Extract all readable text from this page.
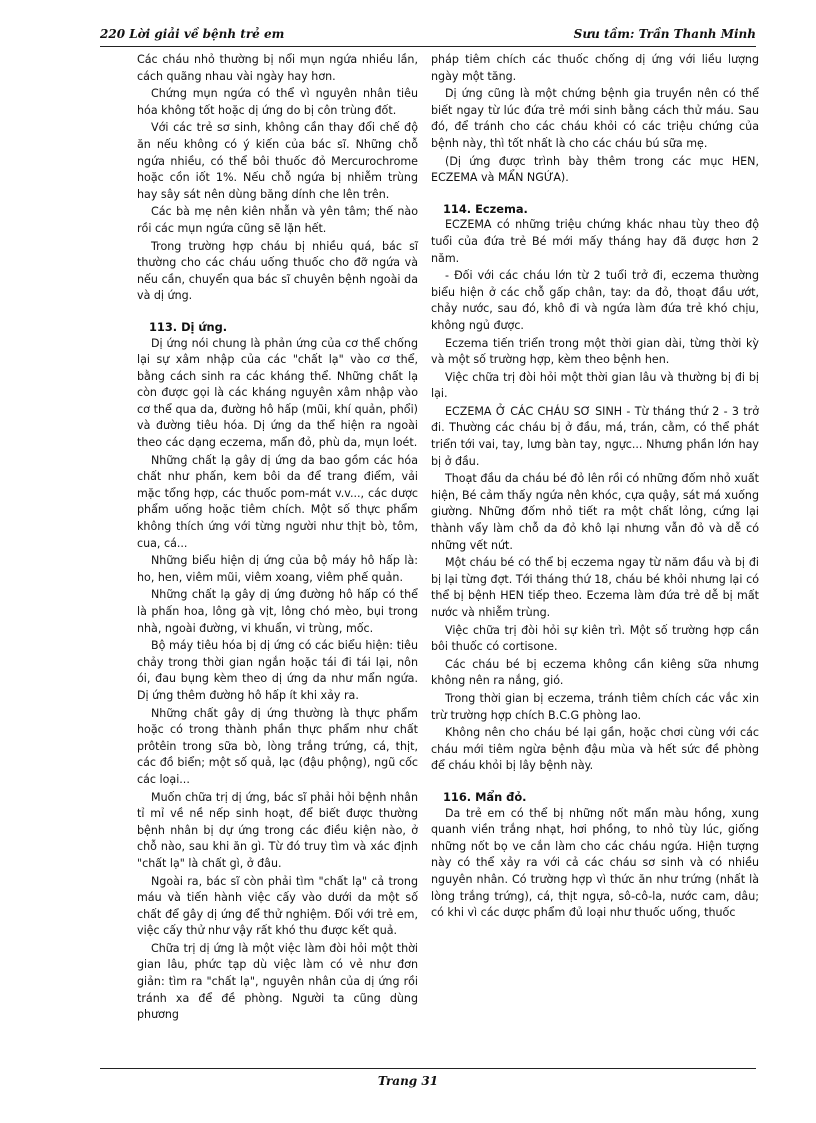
220 Lời giải về bệnh trẻ em	Sưu tầm: Trần Thanh Minh

Các cháu nhỏ thường bị nổi mụn ngứa nhiều lần, cách quãng nhau vài ngày hay hơn.

Chứng mụn ngứa có thể vì nguyên nhân tiêu hóa không tốt hoặc dị ứng do bị côn trùng đốt.

Với các trẻ sơ sinh, không cần thay đổi chế độ ăn nếu không có ý kiến của bác sĩ. Những chỗ ngứa nhiều, có thể bôi thuốc đỏ Mercurochrome hoặc cồn iốt 1%. Nếu chỗ ngứa bị nhiễm trùng hay sây sát nên dùng băng dính che lên trên.

Các bà mẹ nên kiên nhẫn và yên tâm; thế nào rồi các mụn ngứa cũng sẽ lặn hết.

Trong trường hợp cháu bị nhiều quá, bác sĩ thường cho các cháu uống thuốc cho đỡ ngứa và nếu cần, chuyển qua bác sĩ chuyên bệnh ngoài da và dị ứng.

113. Dị ứng.

Dị ứng nói chung là phản ứng của cơ thể chống lại sự xâm nhập của các "chất lạ" vào cơ thể, bằng cách sinh ra các kháng thể. Những chất lạ còn được gọi là các kháng nguyên xâm nhập vào cơ thể qua da, đường hô hấp (mũi, khí quản, phổi) và đường tiêu hóa. Dị ứng da thể hiện ra ngoài theo các dạng eczema, mẩn đỏ, phù da, mụn loét.

Những chất lạ gây dị ứng da bao gồm các hóa chất như phấn, kem bôi da để trang điểm, vải mặc tổng hợp, các thuốc pom-mát v.v..., các dược phẩm uống hoặc tiêm chích. Một số thực phẩm không thích ứng với từng người như thịt bò, tôm, cua, cá...

Những biểu hiện dị ứng của bộ máy hô hấp là: ho, hen, viêm mũi, viêm xoang, viêm phế quản.

Những chất lạ gây dị ứng đường hô hấp có thể là phấn hoa, lông gà vịt, lông chó mèo, bụi trong nhà, ngoài đường, vi khuẩn, vi trùng, mốc.

Bộ máy tiêu hóa bị dị ứng có các biểu hiện: tiêu chảy trong thời gian ngắn hoặc tái đi tái lại, nôn ói, đau bụng kèm theo dị ứng da như mẩn ngứa. Dị ứng thêm đường hô hấp ít khi xảy ra.

Những chất gây dị ứng thường là thực phẩm hoặc có trong thành phần thực phẩm như chất prôtêin trong sữa bò, lòng trắng trứng, cá, thịt, các đồ biển; một số quả, lạc (đậu phộng), ngũ cốc các loại...

Muốn chữa trị dị ứng, bác sĩ phải hỏi bệnh nhân tỉ mỉ về nề nếp sinh hoạt, để biết được thường bệnh nhân bị dự ứng trong các điều kiện nào, ở chỗ nào, sau khi ăn gì. Từ đó truy tìm và xác định "chất lạ" là chất gì, ở đâu.

Ngoài ra, bác sĩ còn phải tìm "chất lạ" cả trong máu và tiến hành việc cấy vào dưới da một số chất để gây dị ứng để thử nghiệm. Đối với trẻ em, việc cấy thử như vậy rất khó thu được kết quả.

Chữa trị dị ứng là một việc làm đòi hỏi một thời gian lâu, phức tạp dù việc làm có vẻ như đơn giản: tìm ra "chất lạ", nguyên nhân của dị ứng rồi tránh xa để đề phòng. Người ta cũng dùng phương

pháp tiêm chích các thuốc chống dị ứng với liều lượng ngày một tăng.

Dị ứng cũng là một chứng bệnh gia truyền nên có thể biết ngay từ lúc đứa trẻ mới sinh bằng cách thử máu. Sau đó, để tránh cho các cháu khỏi có các triệu chứng của bệnh này, thì tốt nhất là cho các cháu bú sữa mẹ.

(Dị ứng được trình bày thêm trong các mục HEN, ECZEMA và MẨN NGỨA).

114. Eczema.

ECZEMA có những triệu chứng khác nhau tùy theo độ tuổi của đứa trẻ Bé mới mấy tháng hay đã được hơn 2 năm.

- Đối với các cháu lớn từ 2 tuổi trở đi, eczema thường biểu hiện ở các chỗ gấp chân, tay: da đỏ, thoạt đầu ướt, chảy nước, sau đó, khô đi và ngứa làm đứa trẻ khó chịu, không ngủ được.

Eczema tiến triển trong một thời gian dài, từng thời kỳ và một số trường hợp, kèm theo bệnh hen.

Việc chữa trị đòi hỏi một thời gian lâu và thường bị đi bị lại.

ECZEMA Ở CÁC CHÁU SƠ SINH - Từ tháng thứ 2 - 3 trở đi. Thường các cháu bị ở đầu, má, trán, cằm, có thể phát triển tới vai, tay, lưng bàn tay, ngực... Nhưng phần lớn hay bị ở đầu.

Thoạt đầu da cháu bé đỏ lên rồi có những đốm nhỏ xuất hiện, Bé cảm thấy ngứa nên khóc, cựa quậy, sát má xuống giường. Những đốm nhỏ tiết ra một chất lỏng, cứng lại thành vẩy làm chỗ da đỏ khô lại nhưng vẫn đỏ và dễ có những vết nứt.

Một cháu bé có thể bị eczema ngay từ năm đầu và bị đi bị lại từng đợt. Tới tháng thứ 18, cháu bé khỏi nhưng lại có thể bị bệnh HEN tiếp theo. Eczema làm đứa trẻ dễ bị mất nước và nhiễm trùng.

Việc chữa trị đòi hỏi sự kiên trì. Một số trường hợp cần bôi thuốc có cortisone.

Các cháu bé bị eczema không cần kiêng sữa nhưng không nên ra nắng, gió.

Trong thời gian bị eczema, tránh tiêm chích các vắc xin trừ trường hợp chích B.C.G phòng lao.

Không nên cho cháu bé lại gần, hoặc chơi cùng với các cháu mới tiêm ngừa bệnh đậu mùa và hết sức đề phòng để cháu khỏi bị lây bệnh này.

116. Mẩn đỏ.

Da trẻ em có thể bị những nốt mẩn màu hồng, xung quanh viền trắng nhạt, hơi phồng, to nhỏ tùy lúc, giống những nốt bọ ve cắn làm cho các cháu ngứa. Hiện tượng này có thể xảy ra với cả các cháu sơ sinh và có nhiều nguyên nhân. Có trường hợp vì thức ăn như trứng (nhất là lòng trắng trứng), cá, thịt ngựa, sô-cô-la, nước cam, dâu; có khi vì các dược phẩm đủ loại như thuốc uống, thuốc

Trang 31
